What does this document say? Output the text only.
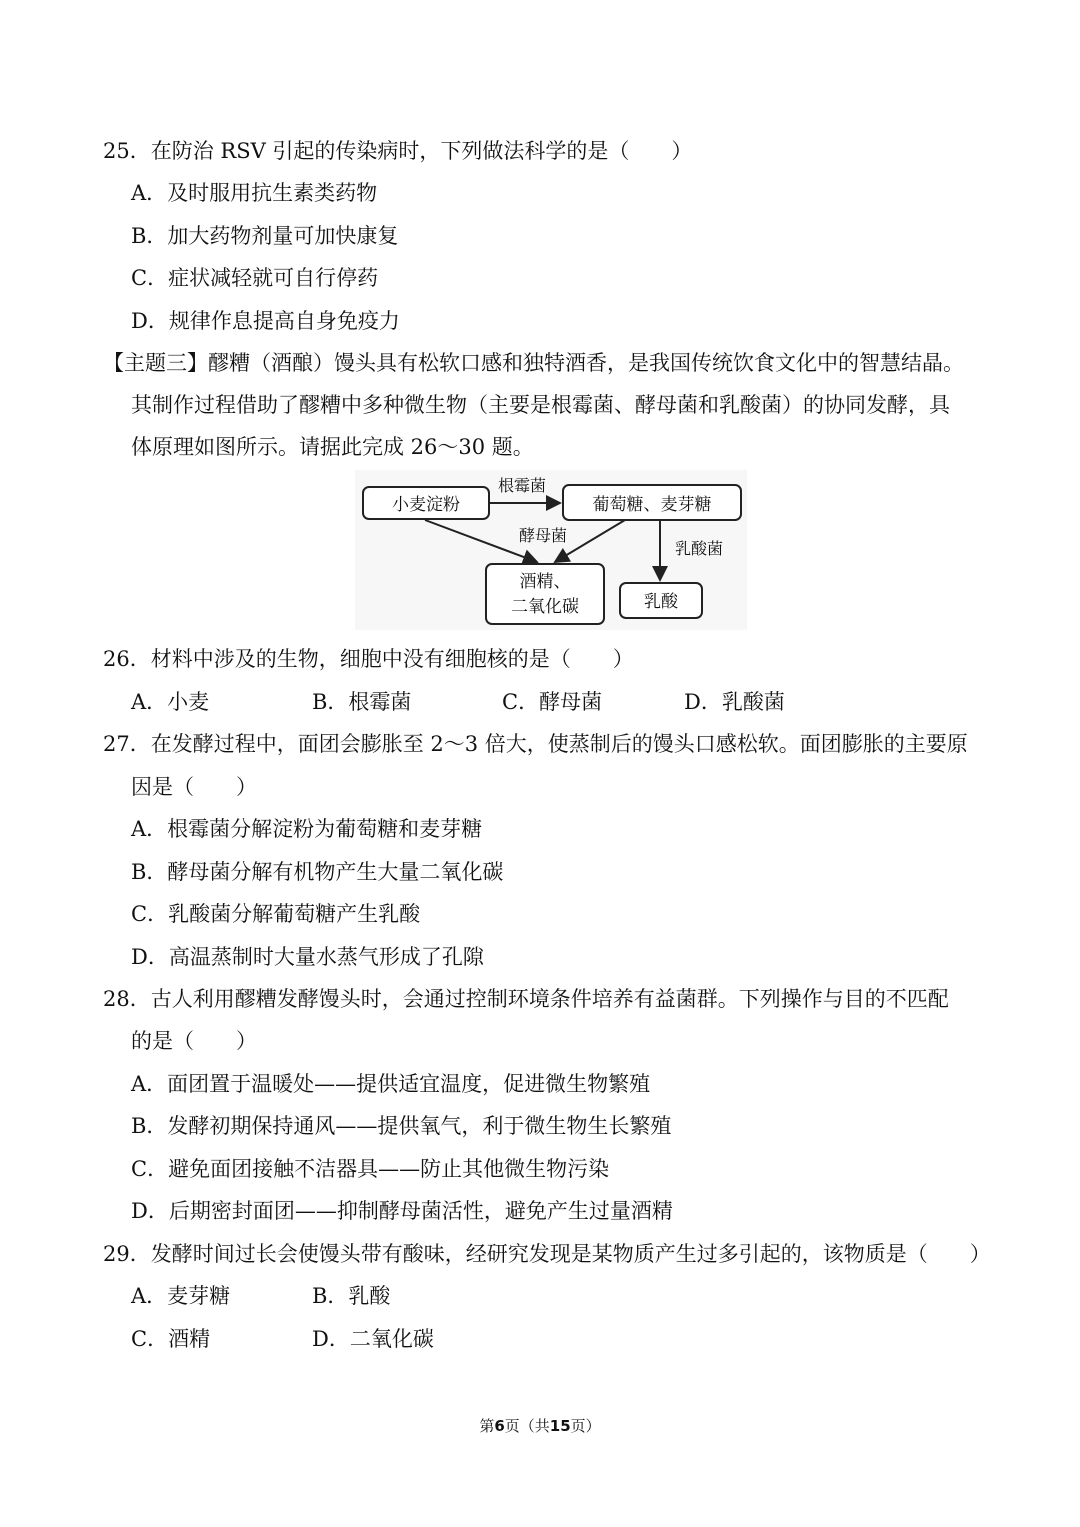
25．在防治 RSV 引起的传染病时，下列做法科学的是（　　）
A．及时服用抗生素类药物
B．加大药物剂量可加快康复
C．症状减轻就可自行停药
D．规律作息提高自身免疫力
【主题三】醪糟（酒酿）馒头具有松软口感和独特酒香，是我国传统饮食文化中的智慧结晶。
其制作过程借助了醪糟中多种微生物（主要是根霉菌、酵母菌和乳酸菌）的协同发酵，具
体原理如图所示。请据此完成 26～30 题。
小麦淀粉	葡萄糖、麦芽糖
根霉菌
酵母菌
乳酸菌
酒精、
二氧化碳	乳酸
26．材料中涉及的生物，细胞中没有细胞核的是（　　）
A．小麦	B．根霉菌	C．酵母菌	D．乳酸菌
27．在发酵过程中，面团会膨胀至 2～3 倍大，使蒸制后的馒头口感松软。面团膨胀的主要原
因是（　　）
A．根霉菌分解淀粉为葡萄糖和麦芽糖
B．酵母菌分解有机物产生大量二氧化碳
C．乳酸菌分解葡萄糖产生乳酸
D．高温蒸制时大量水蒸气形成了孔隙
28．古人利用醪糟发酵馒头时，会通过控制环境条件培养有益菌群。下列操作与目的不匹配
的是（　　）
A．面团置于温暖处——提供适宜温度，促进微生物繁殖
B．发酵初期保持通风——提供氧气，利于微生物生长繁殖
C．避免面团接触不洁器具——防止其他微生物污染
D．后期密封面团——抑制酵母菌活性，避免产生过量酒精
29．发酵时间过长会使馒头带有酸味，经研究发现是某物质产生过多引起的，该物质是（　　）
A．麦芽糖	B．乳酸
C．酒精	D．二氧化碳
第6页（共15页）
